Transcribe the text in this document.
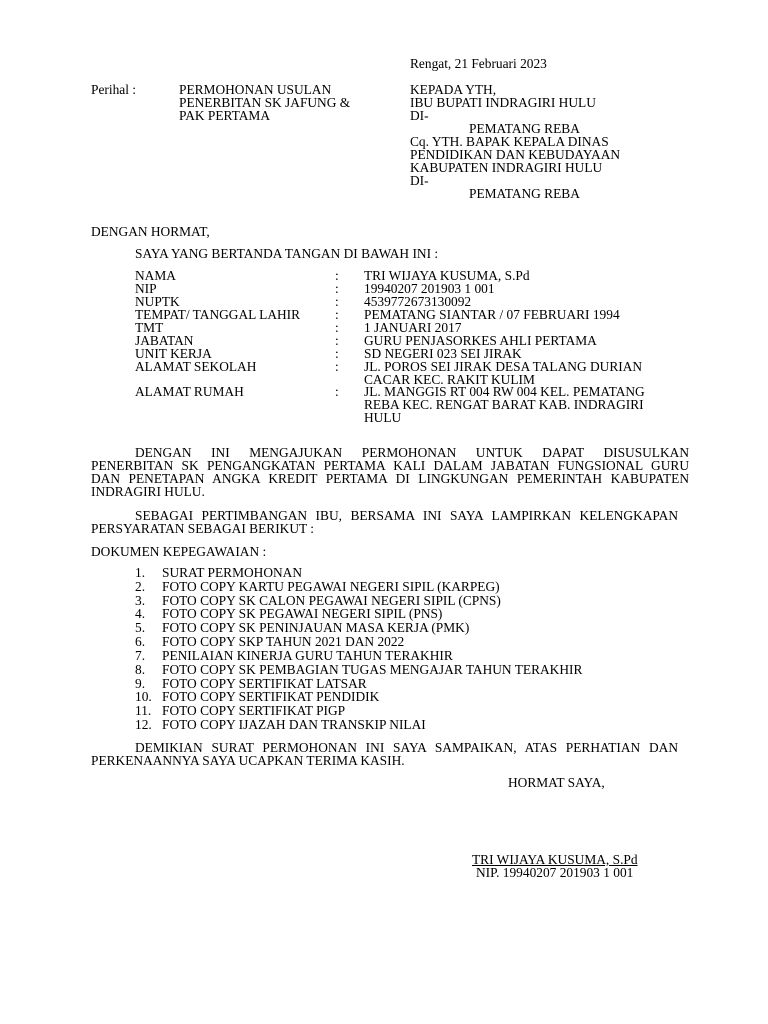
Rengat, 21 Februari 2023
Perihal :	PERMOHONAN USULAN
PENERBITAN SK JAFUNG &
PAK PERTAMA
KEPADA YTH,
IBU BUPATI INDRAGIRI HULU
DI-
PEMATANG REBA
Cq. YTH. BAPAK KEPALA DINAS
PENDIDIKAN DAN KEBUDAYAAN
KABUPATEN INDRAGIRI HULU
DI-
PEMATANG REBA
DENGAN HORMAT,
SAYA YANG BERTANDA TANGAN DI BAWAH INI :
NAMA	: TRI WIJAYA KUSUMA, S.Pd
NIP	: 19940207 201903 1 001
NUPTK	: 4539772673130092
TEMPAT/ TANGGAL LAHIR	: PEMATANG SIANTAR / 07 FEBRUARI 1994
TMT	: 1 JANUARI 2017
JABATAN	: GURU PENJASORKES AHLI PERTAMA
UNIT KERJA	: SD NEGERI 023 SEI JIRAK
ALAMAT SEKOLAH	: JL. POROS SEI JIRAK DESA TALANG DURIAN CACAR KEC. RAKIT KULIM
ALAMAT RUMAH	: JL. MANGGIS RT 004 RW 004 KEL. PEMATANG REBA KEC. RENGAT BARAT KAB. INDRAGIRI HULU
DENGAN INI MENGAJUKAN PERMOHONAN UNTUK DAPAT DISUSULKAN
PENERBITAN SK PENGANGKATAN PERTAMA KALI DALAM JABATAN FUNGSIONAL GURU
DAN PENETAPAN ANGKA KREDIT PERTAMA DI LINGKUNGAN PEMERINTAH KABUPATEN
INDRAGIRI HULU.
SEBAGAI PERTIMBANGAN IBU, BERSAMA INI SAYA LAMPIRKAN KELENGKAPAN
PERSYARATAN SEBAGAI BERIKUT :
DOKUMEN KEPEGAWAIAN :
1. SURAT PERMOHONAN
2. FOTO COPY KARTU PEGAWAI NEGERI SIPIL (KARPEG)
3. FOTO COPY SK CALON PEGAWAI NEGERI SIPIL (CPNS)
4. FOTO COPY SK PEGAWAI NEGERI SIPIL (PNS)
5. FOTO COPY SK PENINJAUAN MASA KERJA (PMK)
6. FOTO COPY SKP TAHUN 2021 DAN 2022
7. PENILAIAN KINERJA GURU TAHUN TERAKHIR
8. FOTO COPY SK PEMBAGIAN TUGAS MENGAJAR TAHUN TERAKHIR
9. FOTO COPY SERTIFIKAT LATSAR
10. FOTO COPY SERTIFIKAT PENDIDIK
11. FOTO COPY SERTIFIKAT PIGP
12. FOTO COPY IJAZAH DAN TRANSKIP NILAI
DEMIKIAN SURAT PERMOHONAN INI SAYA SAMPAIKAN, ATAS PERHATIAN DAN
PERKENAANNYA SAYA UCAPKAN TERIMA KASIH.
HORMAT SAYA,
TRI WIJAYA KUSUMA, S.Pd
NIP. 19940207 201903 1 001
